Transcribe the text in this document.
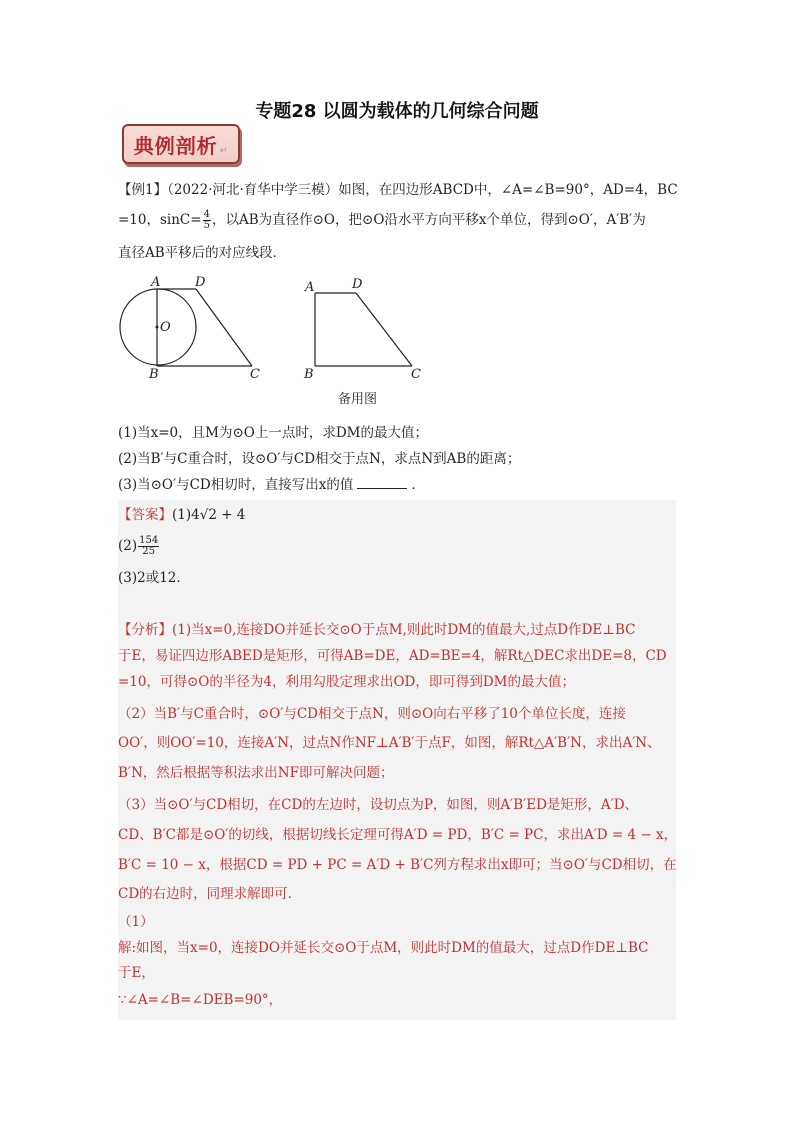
专题28 以圆为载体的几何综合问题
典例剖析 ↵
【例1】（2022·河北·育华中学三模）如图，在四边形ABCD中，∠A=∠B=90°，AD=4，BC
=10，$\sin C= \frac{4}{5}$ ，以AB为直径作⊙O，把⊙O沿水平方向平移x个单位，得到⊙O′，A′B′为
直径AB平移后的对应线段．
A	D
O
B	C
A	D
B	C
备用图
(1)当x=0，且M为⊙O上一点时，求DM的最大值；
(2)当B′与C重合时，设⊙O′与CD相交于点N，求点N到AB的距离；
(3)当⊙O′与CD相切时，直接写出x的值	．
【答案】(1)4√2 + 4
$(2) \frac{154}{25}$
(3)2或12．
【分析】(1)当x=0,连接DO并延长交⊙O于点M,则此时DM的值最大,过点D作DE⊥BC
于E，易证四边形ABED是矩形，可得AB=DE，AD=BE=4，解Rt△DEC求出DE=8，CD
=10，可得⊙O的半径为4，利用勾股定理求出OD，即可得到DM的最大值；
（2）当B′与C重合时，⊙O′与CD相交于点N，则⊙O向右平移了10个单位长度，连接
OO′，则OO′=10，连接A′N，过点N作NF⊥A′B′于点F，如图，解Rt△A′B′N，求出A′N、
B′N，然后根据等积法求出NF即可解决问题；
（3）当⊙O′与CD相切，在CD的左边时，设切点为P，如图，则A′B′ED是矩形，A′D、
CD、B′C都是⊙O′的切线，根据切线长定理可得A′D = PD，B′C = PC，求出A′D = 4 − x，
B′C = 10 − x，根据CD = PD + PC = A′D + B′C列方程求出x即可；当⊙O′与CD相切，在
CD的右边时，同理求解即可．
（1）
解:如图，当x=0，连接DO并延长交⊙O于点M，则此时DM的值最大，过点D作DE⊥BC
于E，
∵∠A=∠B=∠DEB=90°，
